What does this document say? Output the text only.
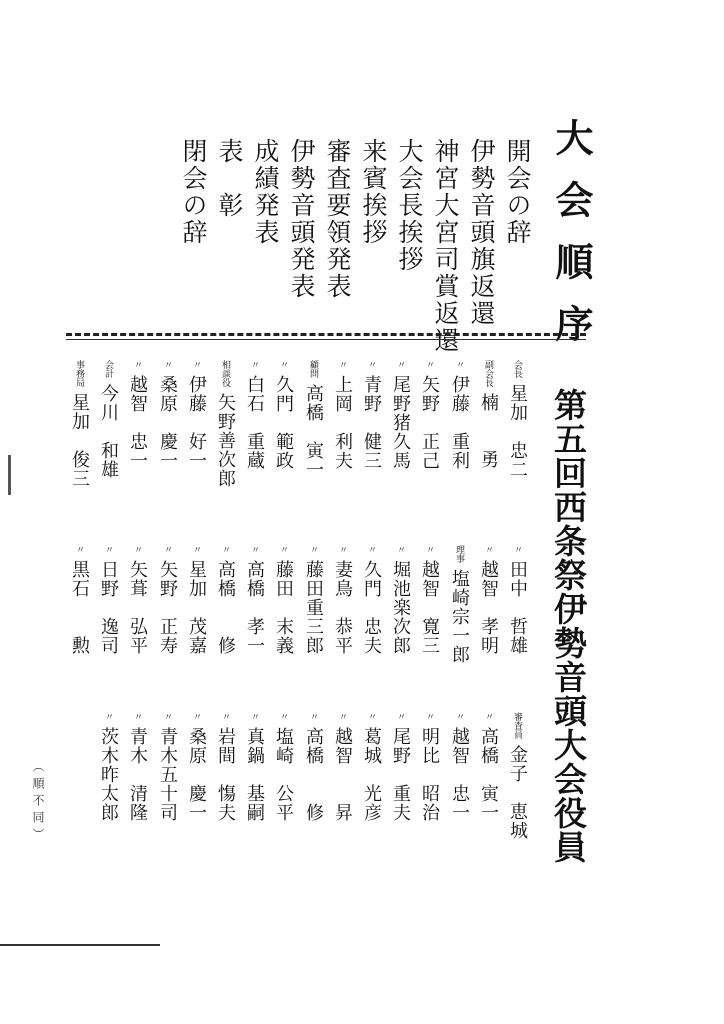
大会順序
開会の辞
伊勢音頭旗返還
神宮大宮司賞返還
大会長挨拶
来賓挨拶
審査要領発表
伊勢音頭発表
成績発表
表　彰
閉会の辞
第五回西条祭伊勢音頭大会役員
会長星加　忠二
副会長楠　　勇
〃伊藤　重利
〃矢野　正己
〃尾野猪久馬
〃青野　健三
〃上岡　利夫
顧問高橋　寅一
〃久門　範政
〃白石　重蔵
相談役矢野善次郎
〃伊藤　好一
〃桑原　慶一
〃越智　忠一
会計今川　和雄
事務局星加　俊三
〃田中　哲雄
〃越智　孝明
理事塩崎宗一郎
〃越智　寛三
〃堀池楽次郎
〃久門　忠夫
〃妻鳥　恭平
〃藤田重三郎
〃藤田　末義
〃高橋　孝一
〃高橋　　修
〃星加　茂嘉
〃矢野　正寿
〃矢葺　弘平
〃日野　逸司
〃黒石　　勲
審査員金子　恵城
〃高橋　寅一
〃越智　忠一
〃明比　昭治
〃尾野　重夫
〃葛城　光彦
〃越智　　昇
〃高橋　　修
〃塩崎　公平
〃真鍋　基嗣
〃岩間　慯夫
〃桑原　慶一
〃青木五十司
〃青木　清隆
〃茨木昨太郎
（順不同）
